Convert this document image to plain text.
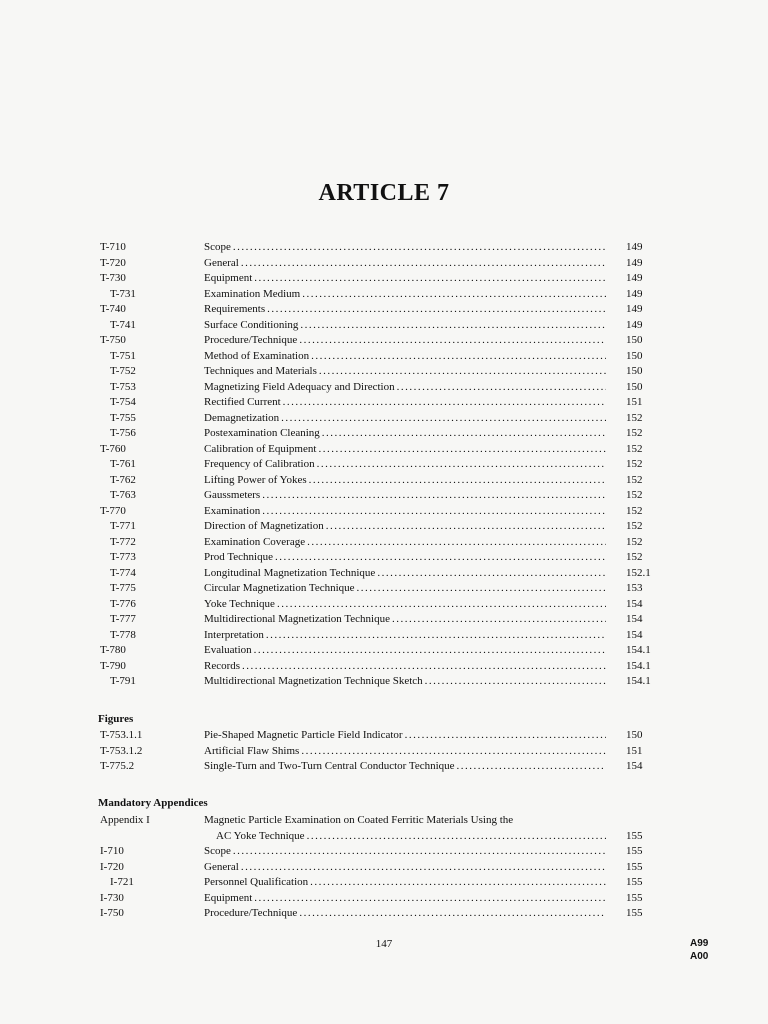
ARTICLE 7
T-710	Scope .....	149
T-720	General .....	149
T-730	Equipment .....	149
T-731	Examination Medium .....	149
T-740	Requirements .....	149
T-741	Surface Conditioning .....	149
T-750	Procedure/Technique .....	150
T-751	Method of Examination .....	150
T-752	Techniques and Materials .....	150
T-753	Magnetizing Field Adequacy and Direction .....	150
T-754	Rectified Current .....	151
T-755	Demagnetization .....	152
T-756	Postexamination Cleaning .....	152
T-760	Calibration of Equipment .....	152
T-761	Frequency of Calibration .....	152
T-762	Lifting Power of Yokes .....	152
T-763	Gaussmeters .....	152
T-770	Examination .....	152
T-771	Direction of Magnetization .....	152
T-772	Examination Coverage .....	152
T-773	Prod Technique .....	152
T-774	Longitudinal Magnetization Technique .....	152.1
T-775	Circular Magnetization Technique .....	153
T-776	Yoke Technique .....	154
T-777	Multidirectional Magnetization Technique .....	154
T-778	Interpretation .....	154
T-780	Evaluation .....	154.1
T-790	Records .....	154.1
T-791	Multidirectional Magnetization Technique Sketch .....	154.1
Figures
T-753.1.1	Pie-Shaped Magnetic Particle Field Indicator .....	150
T-753.1.2	Artificial Flaw Shims .....	151
T-775.2	Single-Turn and Two-Turn Central Conductor Technique .....	154
Mandatory Appendices
Appendix I	Magnetic Particle Examination on Coated Ferritic Materials Using the
AC Yoke Technique .....	155
I-710	Scope .....	155
I-720	General .....	155
I-721	Personnel Qualification .....	155
I-730	Equipment .....	155
I-750	Procedure/Technique .....	155
147	A99
A00
